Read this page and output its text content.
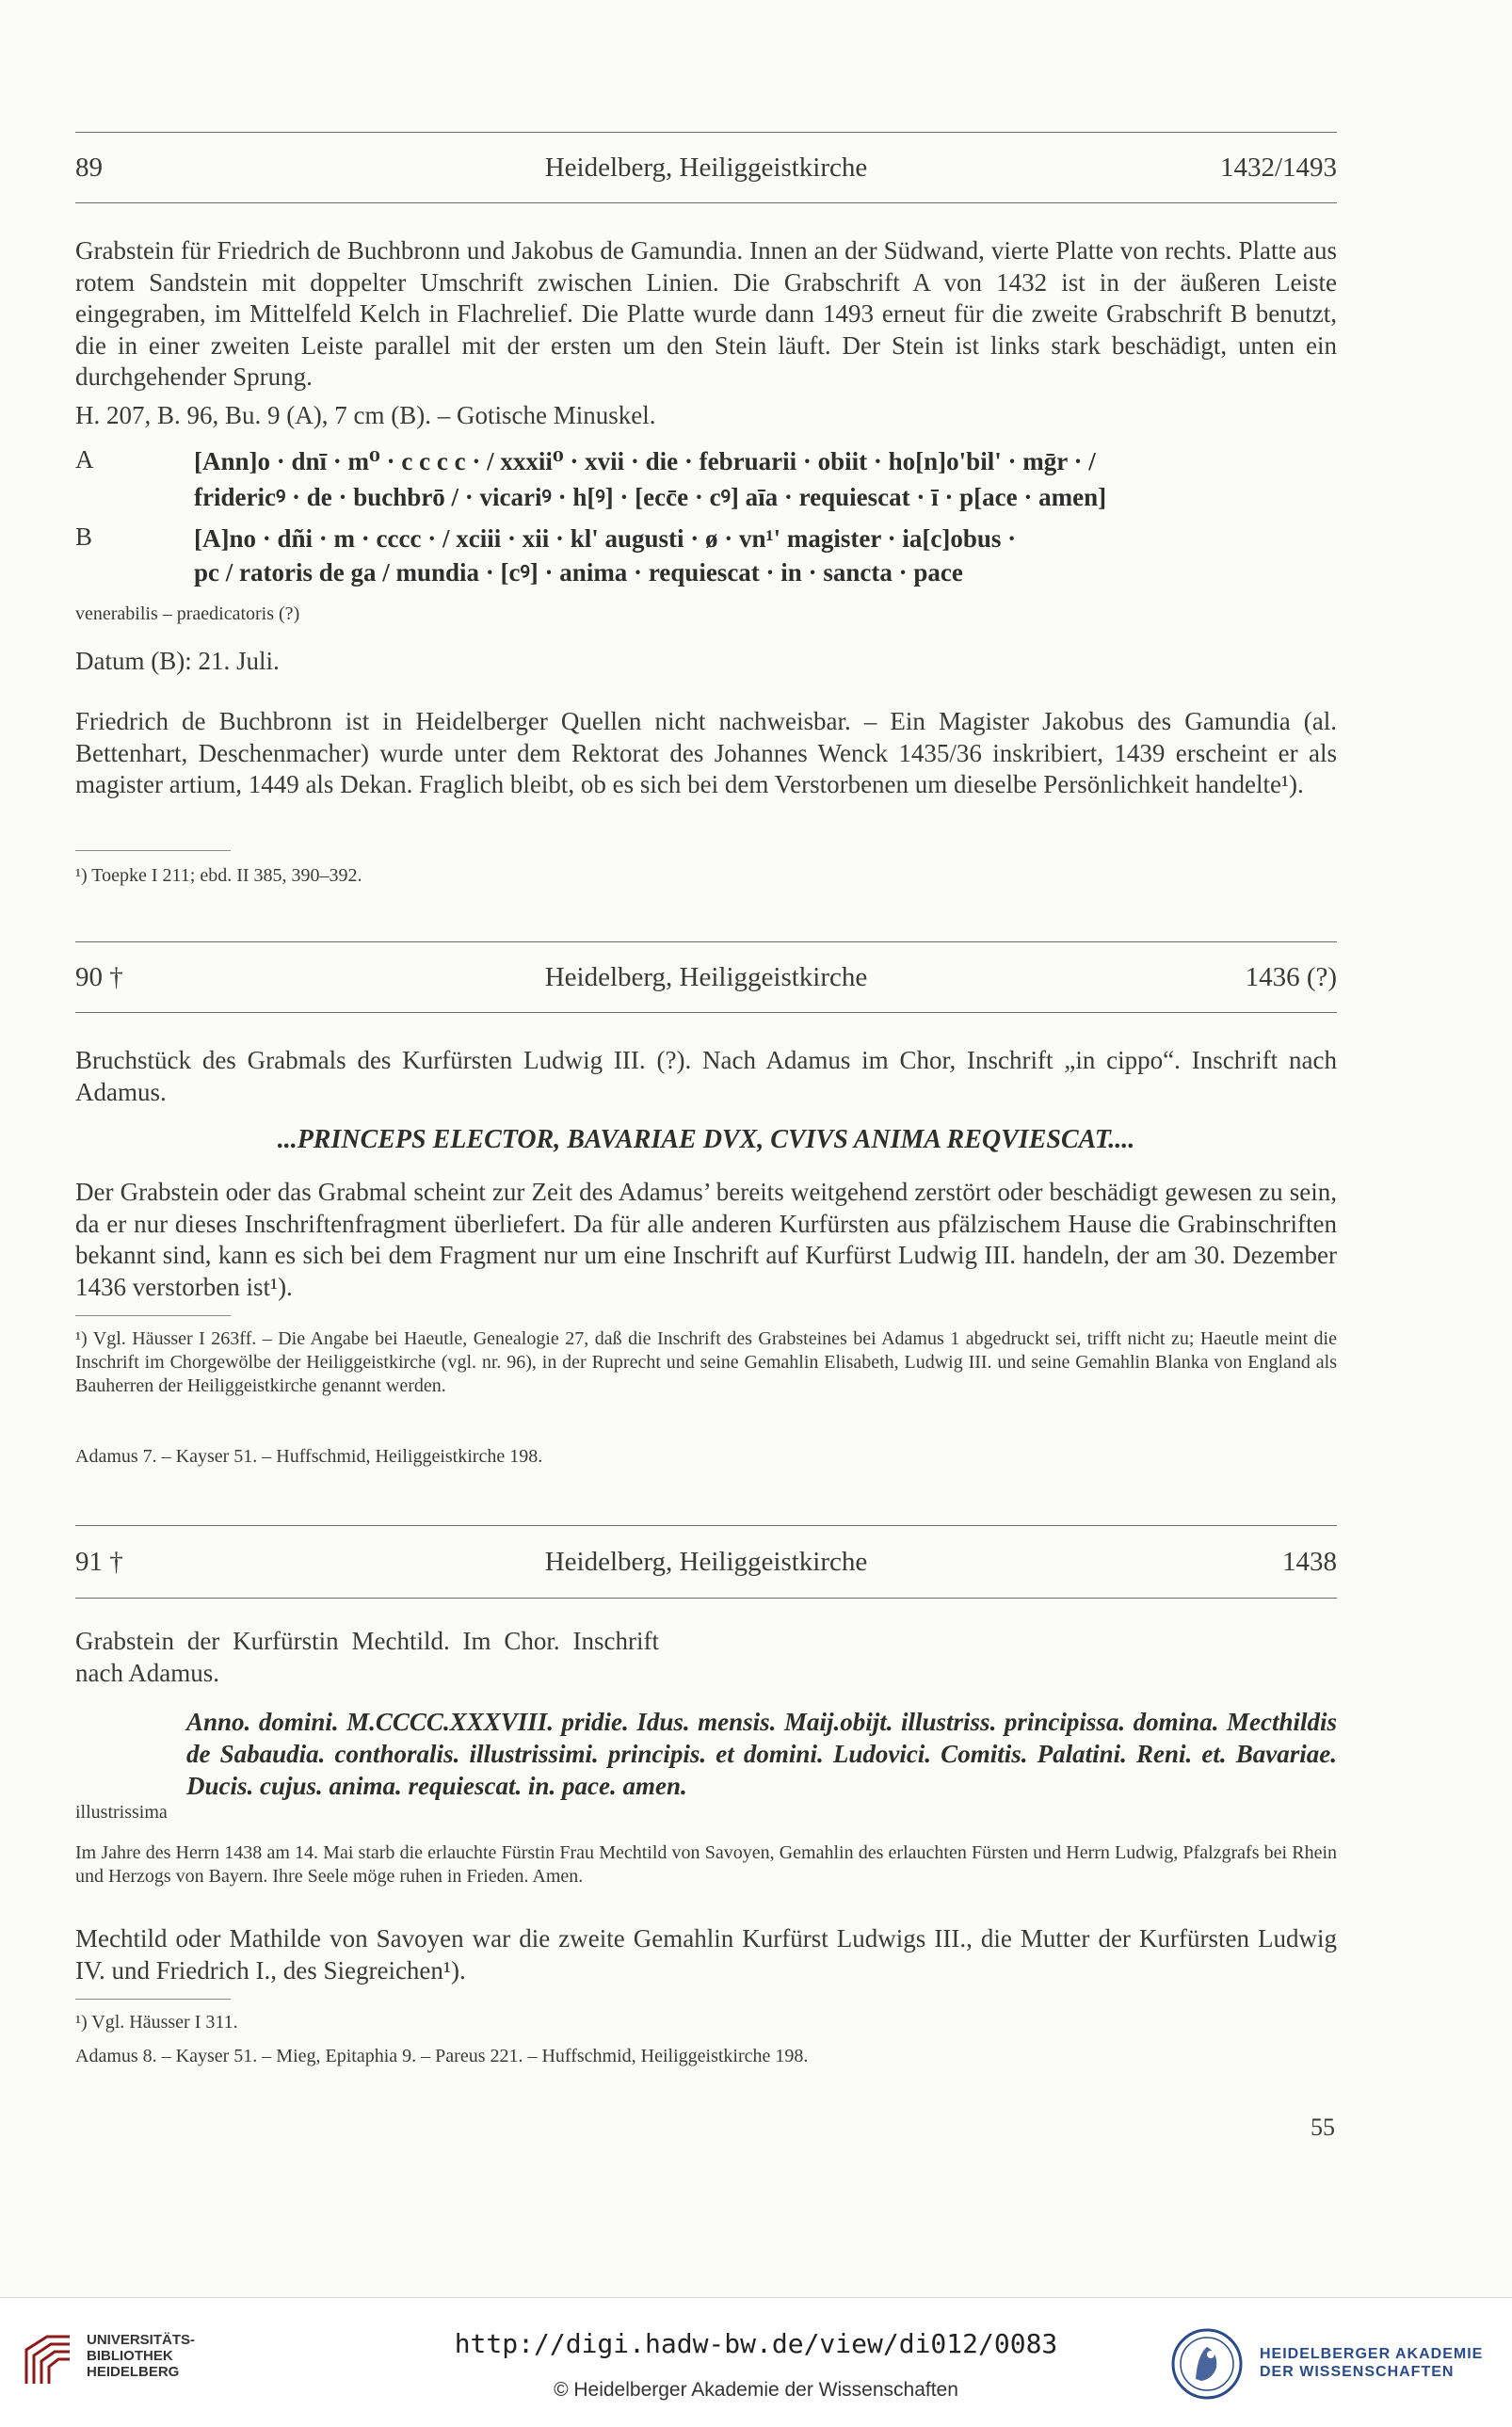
89	Heidelberg, Heiliggeistkirche	1432/1493
Grabstein für Friedrich de Buchbronn und Jakobus de Gamundia. Innen an der Südwand, vierte Platte von rechts. Platte aus rotem Sandstein mit doppelter Umschrift zwischen Linien. Die Grabschrift A von 1432 ist in der äußeren Leiste eingegraben, im Mittelfeld Kelch in Flachrelief. Die Platte wurde dann 1493 erneut für die zweite Grabschrift B benutzt, die in einer zweiten Leiste parallel mit der ersten um den Stein läuft. Der Stein ist links stark beschädigt, unten ein durchgehender Sprung.
H. 207, B. 96, Bu. 9 (A), 7 cm (B). – Gotische Minuskel.
A	[Ann]o · dnī · m⁰ · c c c c · / xxxii⁰ · xvii · die · februarii · obiit · ho[n]o'bil' · mḡr · /
fridericꝰ · de · buchbrō / · vicariꝰ · h[ꝰ] · [ecc̄e · cꝰ] aīa · requiescat · ī · p[ace · amen]
B	[A]no · dñi · m · cccc · / xciii · xii · kl' augusti · ø · vn¹' magister · ia[c]obus ·
pc / ratoris de ga / mundia · [cꝰ] · anima · requiescat · in · sancta · pace
venerabilis – praedicatoris (?)
Datum (B): 21. Juli.
Friedrich de Buchbronn ist in Heidelberger Quellen nicht nachweisbar. – Ein Magister Jakobus des Gamundia (al. Bettenhart, Deschenmacher) wurde unter dem Rektorat des Johannes Wenck 1435/36 inskribiert, 1439 erscheint er als magister artium, 1449 als Dekan. Fraglich bleibt, ob es sich bei dem Verstorbenen um dieselbe Persönlichkeit handelte¹).
¹) Toepke I 211; ebd. II 385, 390–392.
90 †	Heidelberg, Heiliggeistkirche	1436 (?)
Bruchstück des Grabmals des Kurfürsten Ludwig III. (?). Nach Adamus im Chor, Inschrift „in cippo“. Inschrift nach Adamus.
...PRINCEPS ELECTOR, BAVARIAE DVX, CVIVS ANIMA REQVIESCAT....
Der Grabstein oder das Grabmal scheint zur Zeit des Adamus’ bereits weitgehend zerstört oder beschädigt gewesen zu sein, da er nur dieses Inschriftenfragment überliefert. Da für alle anderen Kurfürsten aus pfälzischem Hause die Grabinschriften bekannt sind, kann es sich bei dem Fragment nur um eine Inschrift auf Kurfürst Ludwig III. handeln, der am 30. Dezember 1436 verstorben ist¹).
¹) Vgl. Häusser I 263ff. – Die Angabe bei Haeutle, Genealogie 27, daß die Inschrift des Grabsteines bei Adamus 1 abgedruckt sei, trifft nicht zu; Haeutle meint die Inschrift im Chorgewölbe der Heiliggeistkirche (vgl. nr. 96), in der Ruprecht und seine Gemahlin Elisabeth, Ludwig III. und seine Gemahlin Blanka von England als Bauherren der Heiliggeistkirche genannt werden.
Adamus 7. – Kayser 51. – Huffschmid, Heiliggeistkirche 198.
91 †	Heidelberg, Heiliggeistkirche	1438
Grabstein der Kurfürstin Mechtild. Im Chor. Inschrift nach Adamus.
Anno. domini. M.CCCC.XXXVIII. pridie. Idus. mensis. Maij.obijt. illustriss. principissa. domina. Mecthildis de Sabaudia. conthoralis. illustrissimi. principis. et domini. Ludovici. Comitis. Palatini. Reni. et. Bavariae. Ducis. cujus. anima. requiescat. in. pace. amen.
illustrissima
Im Jahre des Herrn 1438 am 14. Mai starb die erlauchte Fürstin Frau Mechtild von Savoyen, Gemahlin des erlauchten Fürsten und Herrn Ludwig, Pfalzgrafs bei Rhein und Herzogs von Bayern. Ihre Seele möge ruhen in Frieden. Amen.
Mechtild oder Mathilde von Savoyen war die zweite Gemahlin Kurfürst Ludwigs III., die Mutter der Kurfürsten Ludwig IV. und Friedrich I., des Siegreichen¹).
¹) Vgl. Häusser I 311.
Adamus 8. – Kayser 51. – Mieg, Epitaphia 9. – Pareus 221. – Huffschmid, Heiliggeistkirche 198.
55
UNIVERSITÄTS-
BIBLIOTHEK
HEIDELBERG
http://digi.hadw-bw.de/view/di012/0083
© Heidelberger Akademie der Wissenschaften
HEIDELBERGER AKADEMIE
DER WISSENSCHAFTEN
